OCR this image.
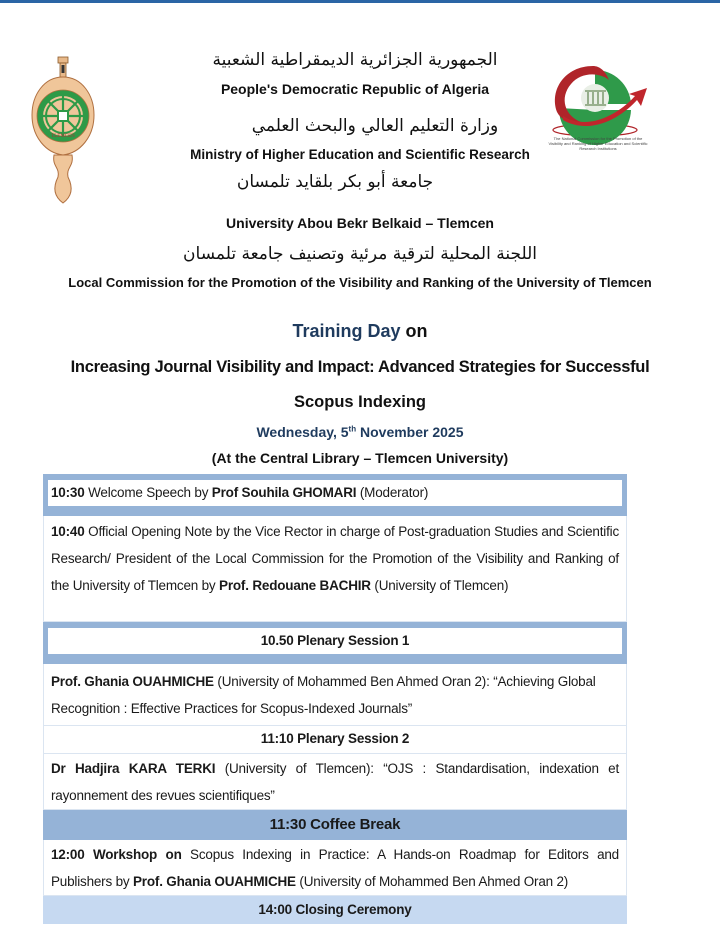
TLEMCEN	The National Commission for the Promotion of the Visibility and Ranking of Higher Education and Scientific Research Institutions
الجمهورية الجزائرية الديمقراطية الشعبية
People's Democratic Republic of Algeria
وزارة التعليم العالي والبحث العلمي
Ministry of Higher Education and Scientific Research
جامعة أبو بكر بلقايد تلمسان
University Abou Bekr Belkaid – Tlemcen
اللجنة المحلية لترقية مرئية وتصنيف جامعة تلمسان
Local Commission for the Promotion of the Visibility and Ranking of the University of Tlemcen
Training Day on
Increasing Journal Visibility and Impact: Advanced Strategies for Successful
Scopus Indexing
Wednesday, 5th November 2025
(At the Central Library – Tlemcen University)
10:30 Welcome Speech by Prof Souhila GHOMARI (Moderator)
10:40 Official Opening Note by the Vice Rector in charge of Post-graduation Studies and Scientific Research/ President of the Local Commission for the Promotion of the Visibility and Ranking of the University of Tlemcen by Prof. Redouane BACHIR (University of Tlemcen)
10.50 Plenary Session 1
Prof. Ghania OUAHMICHE (University of Mohammed Ben Ahmed Oran 2): “Achieving Global Recognition : Effective Practices for Scopus-Indexed Journals”
11:10 Plenary Session 2
Dr Hadjira KARA TERKI (University of Tlemcen): “OJS : Standardisation, indexation et rayonnement des revues scientifiques”
11:30 Coffee Break
12:00 Workshop on Scopus Indexing in Practice: A Hands-on Roadmap for Editors and Publishers by Prof. Ghania OUAHMICHE (University of Mohammed Ben Ahmed Oran 2)
14:00 Closing Ceremony
